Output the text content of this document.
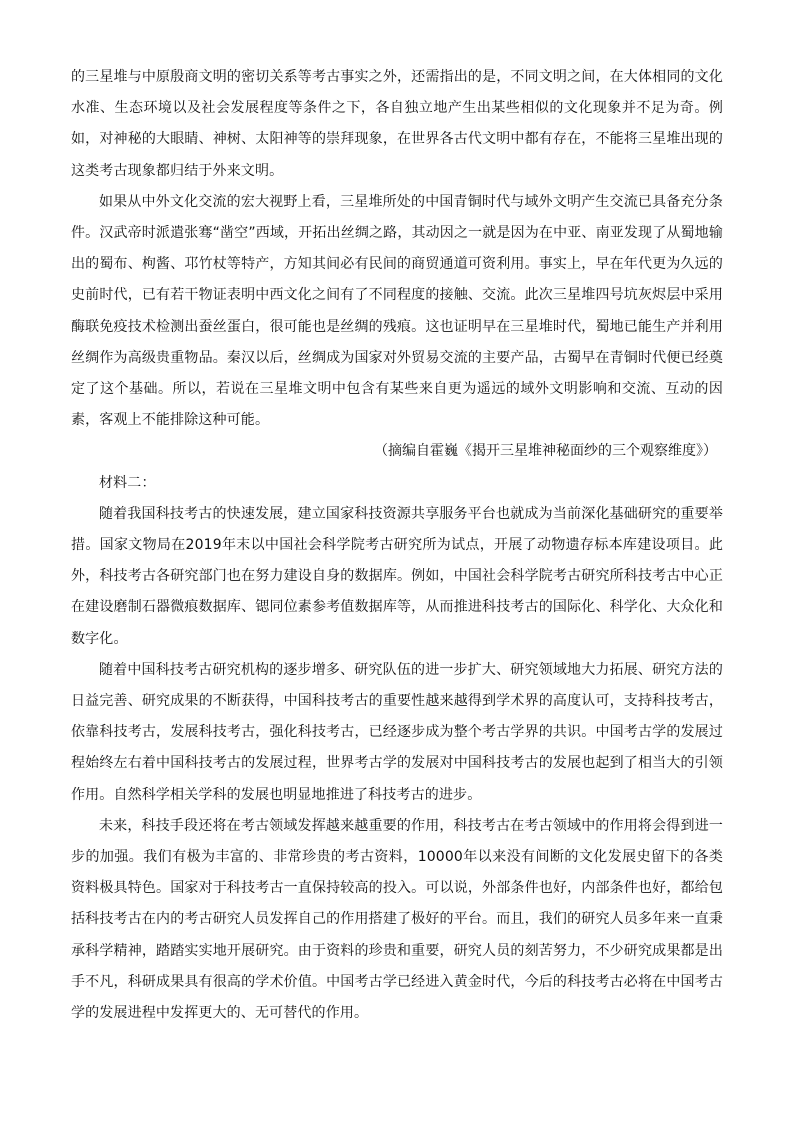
的三星堆与中原殷商文明的密切关系等考古事实之外，还需指出的是，不同文明之间，在大体相同的文化水准、生态环境以及社会发展程度等条件之下，各自独立地产生出某些相似的文化现象并不足为奇。例如，对神秘的大眼睛、神树、太阳神等的崇拜现象，在世界各古代文明中都有存在，不能将三星堆出现的这类考古现象都归结于外来文明。

如果从中外文化交流的宏大视野上看，三星堆所处的中国青铜时代与域外文明产生交流已具备充分条件。汉武帝时派遣张骞“凿空”西域，开拓出丝绸之路，其动因之一就是因为在中亚、南亚发现了从蜀地输出的蜀布、枸酱、邛竹杖等特产，方知其间必有民间的商贸通道可资利用。事实上，早在年代更为久远的史前时代，已有若干物证表明中西文化之间有了不同程度的接触、交流。此次三星堆四号坑灰烬层中采用酶联免疫技术检测出蚕丝蛋白，很可能也是丝绸的残痕。这也证明早在三星堆时代，蜀地已能生产并利用丝绸作为高级贵重物品。秦汉以后，丝绸成为国家对外贸易交流的主要产品，古蜀早在青铜时代便已经奠定了这个基础。所以，若说在三星堆文明中包含有某些来自更为遥远的域外文明影响和交流、互动的因素，客观上不能排除这种可能。

（摘编自霍巍《揭开三星堆神秘面纱的三个观察维度》）

材料二：

随着我国科技考古的快速发展，建立国家科技资源共享服务平台也就成为当前深化基础研究的重要举措。国家文物局在2019年末以中国社会科学院考古研究所为试点，开展了动物遗存标本库建设项目。此外，科技考古各研究部门也在努力建设自身的数据库。例如，中国社会科学院考古研究所科技考古中心正在建设磨制石器微痕数据库、锶同位素参考值数据库等，从而推进科技考古的国际化、科学化、大众化和数字化。

随着中国科技考古研究机构的逐步增多、研究队伍的进一步扩大、研究领域地大力拓展、研究方法的日益完善、研究成果的不断获得，中国科技考古的重要性越来越得到学术界的高度认可，支持科技考古，依靠科技考古，发展科技考古，强化科技考古，已经逐步成为整个考古学界的共识。中国考古学的发展过程始终左右着中国科技考古的发展过程，世界考古学的发展对中国科技考古的发展也起到了相当大的引领作用。自然科学相关学科的发展也明显地推进了科技考古的进步。

未来，科技手段还将在考古领域发挥越来越重要的作用，科技考古在考古领域中的作用将会得到进一步的加强。我们有极为丰富的、非常珍贵的考古资料，10000年以来没有间断的文化发展史留下的各类资料极具特色。国家对于科技考古一直保持较高的投入。可以说，外部条件也好，内部条件也好，都给包括科技考古在内的考古研究人员发挥自己的作用搭建了极好的平台。而且，我们的研究人员多年来一直秉承科学精神，踏踏实实地开展研究。由于资料的珍贵和重要，研究人员的刻苦努力，不少研究成果都是出手不凡，科研成果具有很高的学术价值。中国考古学已经进入黄金时代，今后的科技考古必将在中国考古学的发展进程中发挥更大的、无可替代的作用。
